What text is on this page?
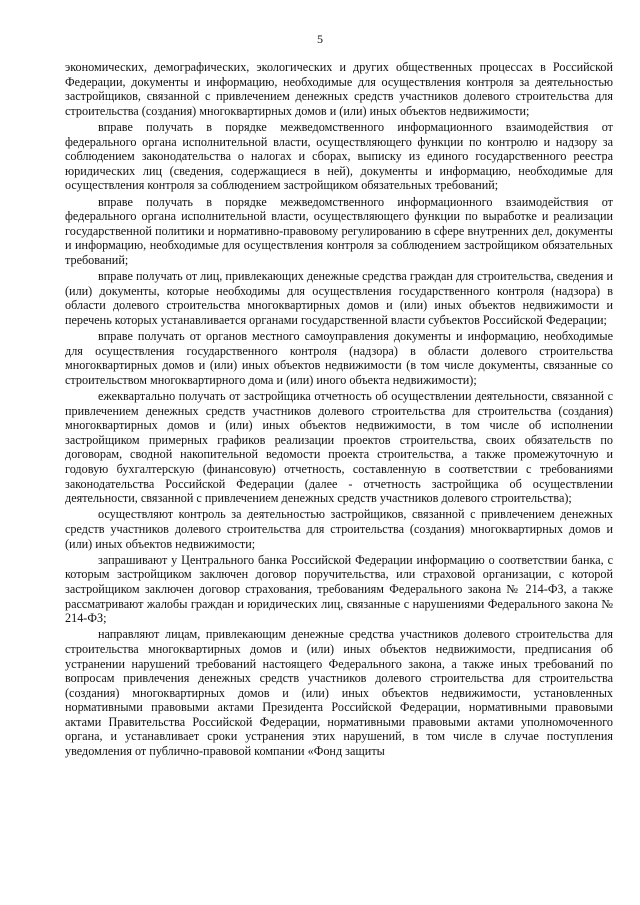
5

экономических, демографических, экологических и других общественных процессах в Российской Федерации, документы и информацию, необходимые для осуществления контроля за деятельностью застройщиков, связанной с привлечением денежных средств участников долевого строительства для строительства (создания) многоквартирных домов и (или) иных объектов недвижимости;

вправе получать в порядке межведомственного информационного взаимодействия от федерального органа исполнительной власти, осуществляющего функции по контролю и надзору за соблюдением законодательства о налогах и сборах, выписку из единого государственного реестра юридических лиц (сведения, содержащиеся в ней), документы и информацию, необходимые для осуществления контроля за соблюдением застройщиком обязательных требований;

вправе получать в порядке межведомственного информационного взаимодействия от федерального органа исполнительной власти, осуществляющего функции по выработке и реализации государственной политики и нормативно-правовому регулированию в сфере внутренних дел, документы и информацию, необходимые для осуществления контроля за соблюдением застройщиком обязательных требований;

вправе получать от лиц, привлекающих денежные средства граждан для строительства, сведения и (или) документы, которые необходимы для осуществления государственного контроля (надзора) в области долевого строительства многоквартирных домов и (или) иных объектов недвижимости и перечень которых устанавливается органами государственной власти субъектов Российской Федерации;

вправе получать от органов местного самоуправления документы и информацию, необходимые для осуществления государственного контроля (надзора) в области долевого строительства многоквартирных домов и (или) иных объектов недвижимости (в том числе документы, связанные со строительством многоквартирного дома и (или) иного объекта недвижимости);

ежеквартально получать от застройщика отчетность об осуществлении деятельности, связанной с привлечением денежных средств участников долевого строительства для строительства (создания) многоквартирных домов и (или) иных объектов недвижимости, в том числе об исполнении застройщиком примерных графиков реализации проектов строительства, своих обязательств по договорам, сводной накопительной ведомости проекта строительства, а также промежуточную и годовую бухгалтерскую (финансовую) отчетность, составленную в соответствии с требованиями законодательства Российской Федерации (далее - отчетность застройщика об осуществлении деятельности, связанной с привлечением денежных средств участников долевого строительства);

осуществляют контроль за деятельностью застройщиков, связанной с привлечением денежных средств участников долевого строительства для строительства (создания) многоквартирных домов и (или) иных объектов недвижимости;

запрашивают у Центрального банка Российской Федерации информацию о соответствии банка, с которым застройщиком заключен договор поручительства, или страховой организации, с которой застройщиком заключен договор страхования, требованиям Федерального закона № 214-ФЗ, а также рассматривают жалобы граждан и юридических лиц, связанные с нарушениями Федерального закона № 214-ФЗ;

направляют лицам, привлекающим денежные средства участников долевого строительства для строительства многоквартирных домов и (или) иных объектов недвижимости, предписания об устранении нарушений требований настоящего Федерального закона, а также иных требований по вопросам привлечения денежных средств участников долевого строительства для строительства (создания) многоквартирных домов и (или) иных объектов недвижимости, установленных нормативными правовыми актами Президента Российской Федерации, нормативными правовыми актами Правительства Российской Федерации, нормативными правовыми актами уполномоченного органа, и устанавливает сроки устранения этих нарушений, в том числе в случае поступления уведомления от публично-правовой компании «Фонд защиты
